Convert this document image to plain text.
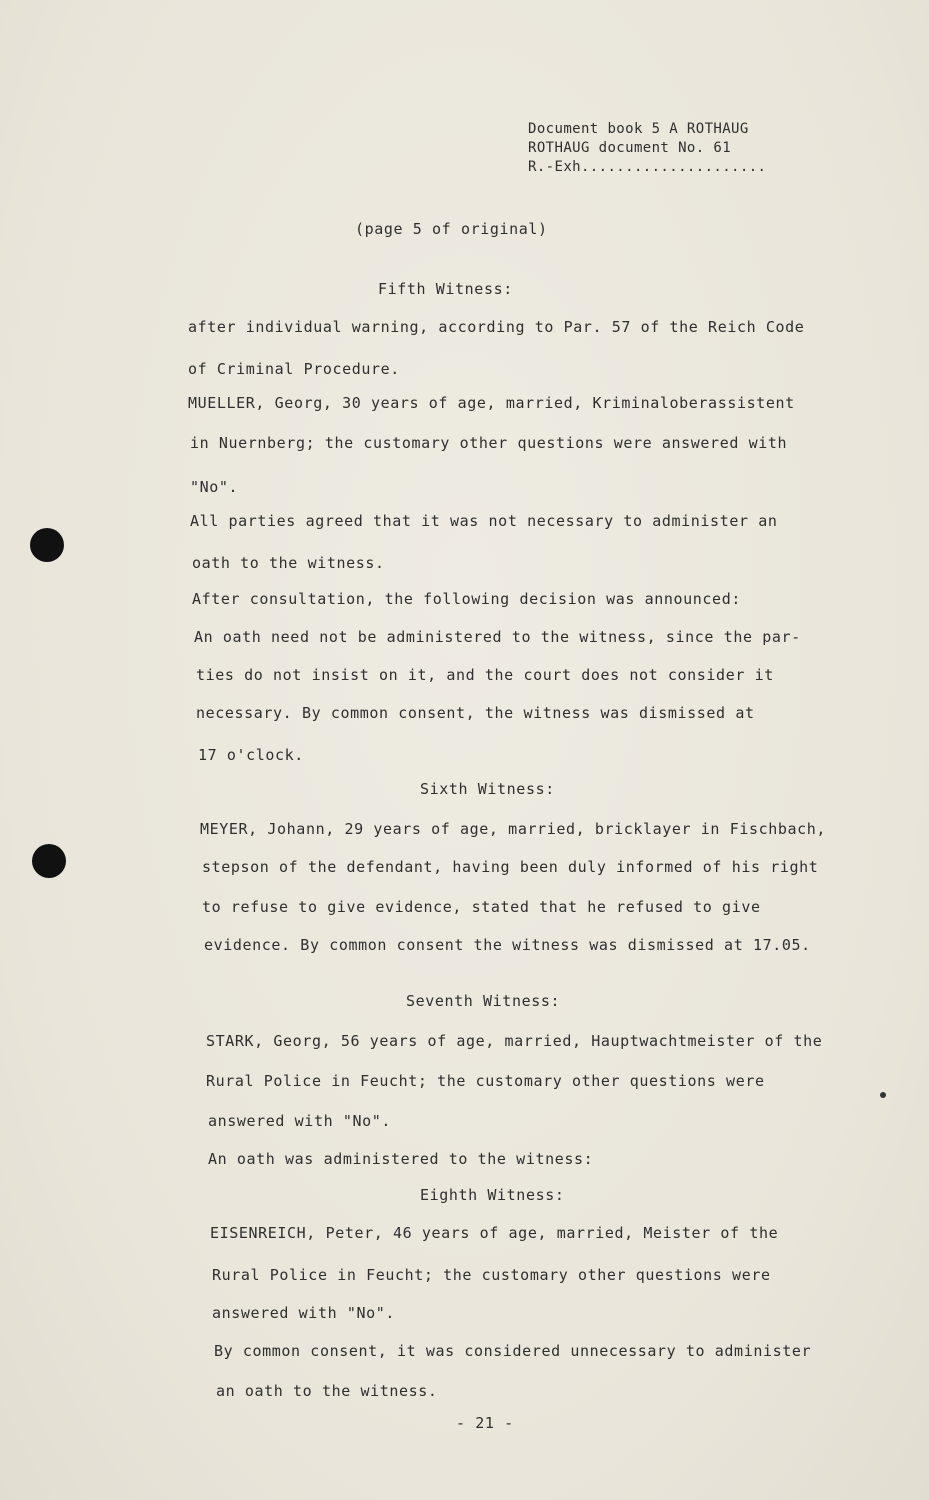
Document book 5 A ROTHAUG
ROTHAUG document No. 61
R.-Exh.....................
(page 5 of original)
Fifth Witness:
after individual warning, according to Par. 57 of the Reich Code
of Criminal Procedure.
MUELLER, Georg, 30 years of age, married, Kriminaloberassistent
in Nuernberg; the customary other questions were answered with
"No".
All parties agreed that it was not necessary to administer an
oath to the witness.
After consultation, the following decision was announced:
An oath need not be administered to the witness, since the par-
ties do not insist on it, and the court does not consider it
necessary. By common consent, the witness was dismissed at
17 o'clock.
Sixth Witness:
MEYER, Johann, 29 years of age, married, bricklayer in Fischbach,
stepson of the defendant, having been duly informed of his right
to refuse to give evidence, stated that he refused to give
evidence. By common consent the witness was dismissed at 17.05.
Seventh Witness:
STARK, Georg, 56 years of age, married, Hauptwachtmeister of the
Rural Police in Feucht; the customary other questions were
answered with "No".
An oath was administered to the witness:
Eighth Witness:
EISENREICH, Peter, 46 years of age, married, Meister of the
Rural Police in Feucht; the customary other questions were
answered with "No".
By common consent, it was considered unnecessary to administer
an oath to the witness.
- 21 -
